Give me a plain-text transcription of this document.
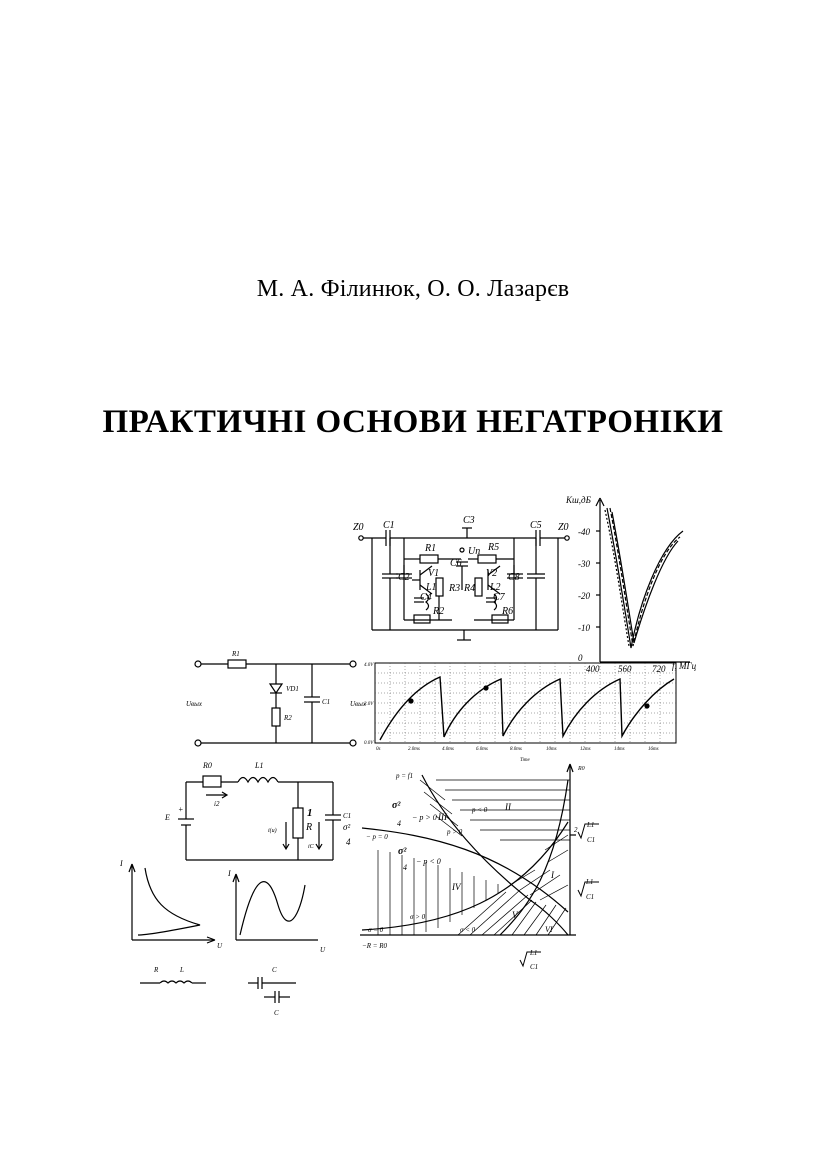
М. А. Філинюк, О. О. Лазарєв
ПРАКТИЧНІ ОСНОВИ НЕГАТРОНІКИ
Z0 C1	C3	C5 Z0
R1	R5
Uп
C2 V1
C6
V2 C8
L1 R3 R4 L2
C4	C7
R2	R6
Kш,дБ
-40
-30
-20
-10
0
400 560 720 f, МГц
R1
VD1
C1
R2
Uвых	Uвых
4.0V
2.0V
0.0V
0s	2.0ms	4.0ms	6.0ms	8.0ms	10ms	12ms	14ms	16ms
Time
R0	L1
E
+
i2
1
R
C1
σ²
4
i(u)
iC
p = f1
σ²
4
− p > 0 III
II
p < 0
p > 0
− p = 0
σ²
4
− p < 0
IV
I
σ > 0	V
σ < 0	VI
σ = 0
−R = R0
2
L1
C1
L1
C1
L1
C1
R0
I
U
I
U
R	L	C
C
